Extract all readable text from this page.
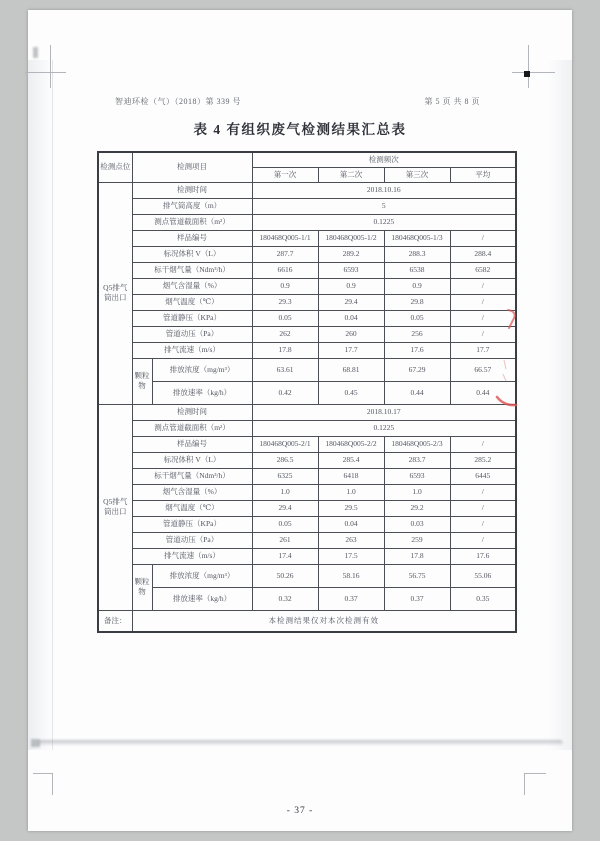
智迪环检（气）（2018）第 339 号	第 5 页 共 8 页
表 4 有组织废气检测结果汇总表
检测点位	检测项目		检测频次			
			第一次	第二次	第三次	平均
Q5排气筒出口	检测时间		2018.10.16			
	排气筒高度（m）		5			
	测点管道截面积（m²）		0.1225			
	样品编号		180468Q005-1/1	180468Q005-1/2	180468Q005-1/3	/
	标况体积 V（L）		287.7	289.2	288.3	288.4
	标干烟气量（Ndm³/h）		6616	6593	6538	6582
	烟气含湿量（%）		0.9	0.9	0.9	/
	烟气温度（℃）		29.3	29.4	29.8	/
	管道静压（KPa）		0.05	0.04	0.05	/
	管道动压（Pa）		262	260	256	/
	排气流速（m/s）		17.8	17.7	17.6	17.7
	颗粒物	排放浓度（mg/m³）	63.61	68.81	67.29	66.57
		排放速率（kg/h）	0.42	0.45	0.44	0.44
Q5排气筒出口	检测时间		2018.10.17			
	测点管道截面积（m²）		0.1225			
	样品编号		180468Q005-2/1	180468Q005-2/2	180468Q005-2/3	/
	标况体积 V（L）		286.5	285.4	283.7	285.2
	标干烟气量（Ndm³/h）		6325	6418	6593	6445
	烟气含湿量（%）		1.0	1.0	1.0	/
	烟气温度（℃）		29.4	29.5	29.2	/
	管道静压（KPa）		0.05	0.04	0.03	/
	管道动压（Pa）		261	263	259	/
	排气流速（m/s）		17.4	17.5	17.8	17.6
	颗粒物	排放浓度（mg/m³）	50.26	58.16	56.75	55.06
		排放速率（kg/h）	0.32	0.37	0.37	0.35
备注：	本检测结果仅对本次检测有效					
- 37 -
